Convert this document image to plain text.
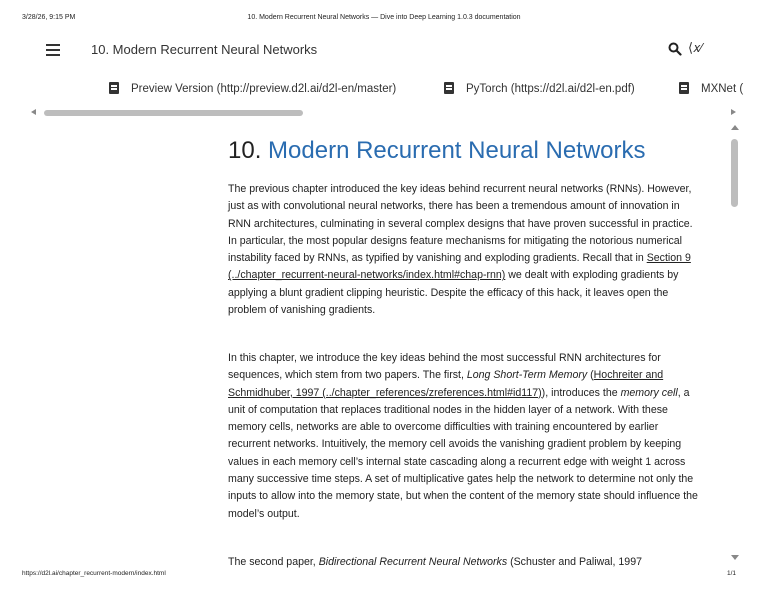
3/28/26, 9:15 PM	10. Modern Recurrent Neural Networks — Dive into Deep Learning 1.0.3 documentation
10. Modern Recurrent Neural Networks	⟨𝑥⁄
Preview Version (http://preview.d2l.ai/d2l-en/master)	PyTorch (https://d2l.ai/d2l-en.pdf)	MXNet (
10. Modern Recurrent Neural Networks

The previous chapter introduced the key ideas behind recurrent neural networks (RNNs). However, just as with convolutional neural networks, there has been a tremendous amount of innovation in RNN architectures, culminating in several complex designs that have proven successful in practice. In particular, the most popular designs feature mechanisms for mitigating the notorious numerical instability faced by RNNs, as typified by vanishing and exploding gradients. Recall that in Section 9 (../chapter_recurrent-neural-networks/index.html#chap-rnn) we dealt with exploding gradients by applying a blunt gradient clipping heuristic. Despite the efficacy of this hack, it leaves open the problem of vanishing gradients.

In this chapter, we introduce the key ideas behind the most successful RNN architectures for sequences, which stem from two papers. The first, Long Short-Term Memory (Hochreiter and Schmidhuber, 1997 (../chapter_references/zreferences.html#id117)), introduces the memory cell, a unit of computation that replaces traditional nodes in the hidden layer of a network. With these memory cells, networks are able to overcome difficulties with training encountered by earlier recurrent networks. Intuitively, the memory cell avoids the vanishing gradient problem by keeping values in each memory cell’s internal state cascading along a recurrent edge with weight 1 across many successive time steps. A set of multiplicative gates help the network to determine not only the inputs to allow into the memory state, but when the content of the memory state should influence the model’s output.

The second paper, Bidirectional Recurrent Neural Networks (Schuster and Paliwal, 1997

https://d2l.ai/chapter_recurrent-modern/index.html	1/1
